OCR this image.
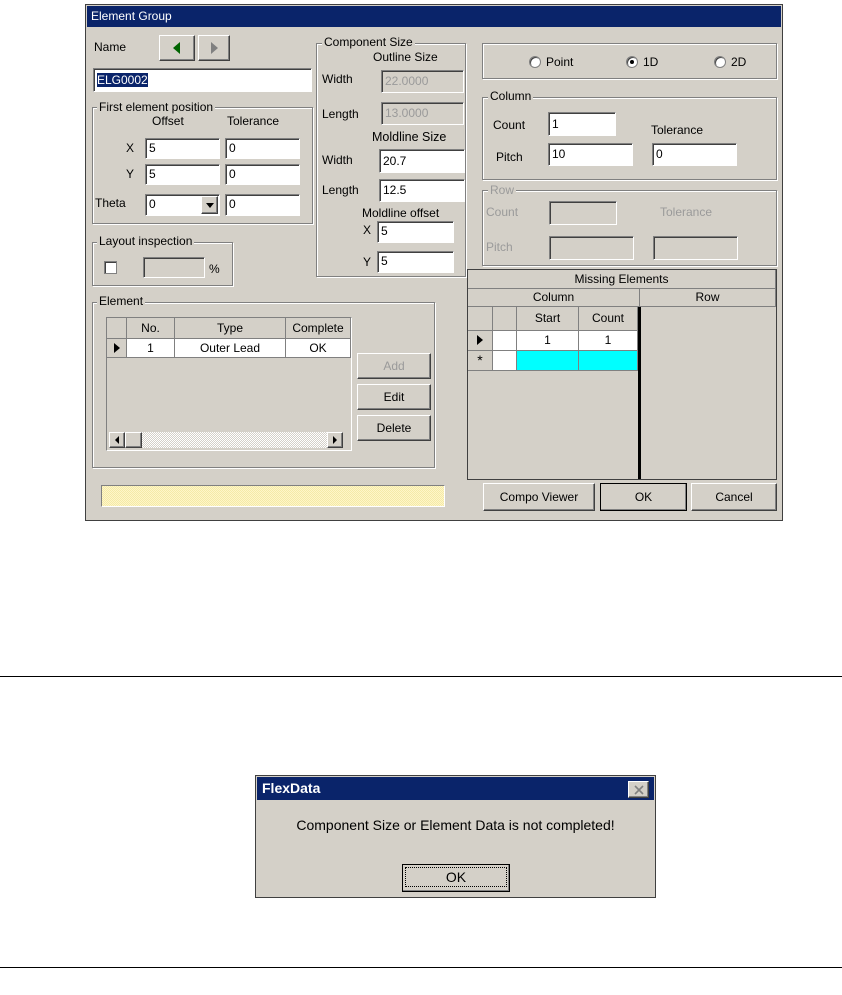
Element Group
Name
ELG0002
First element position
Offset	Tolerance
X	5	0
Y	5	0
Theta	0	0
Layout inspection
%
Element
No.	Type	Complete
1	Outer Lead	OK
Add
Edit
Delete
Component Size
Outline Size
Width	22.0000
Length	13.0000
Moldline Size
Width	20.7
Length	12.5
Moldline offset
X 5
Y 5
Point	1D	2D
Column
Count	1	Tolerance
Pitch	10	0
Row
Count	Tolerance
Pitch
Missing Elements
Column	Row
Start	Count
1	1
*
Compo Viewer	OK	Cancel
FlexData
Component Size or Element Data is not completed!
OK
